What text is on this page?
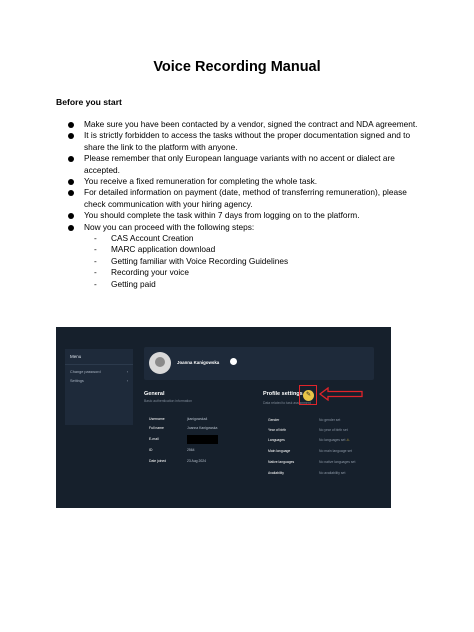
Voice Recording Manual
Before you start
Make sure you have been contacted by a vendor, signed the contract and NDA agreement.
It is strictly forbidden to access the tasks without the proper documentation signed and to share the link to the platform with anyone.
Please remember that only European language variants with no accent or dialect are accepted.
You receive a fixed remuneration for completing the whole task.
For detailed information on payment (date, method of transferring remuneration), please check communication with your hiring agency.
You should complete the task within 7 days from logging on to the platform.
Now you can proceed with the following steps:
- CAS Account Creation
- MARC application download
- Getting familiar with Voice Recording Guidelines
- Recording your voice
- Getting paid
Menu
Change password	›
Settings	›
Joanna Kanigowska
General
Basic authentication information
Username	jkanigowska4
Full name	Joanna Kanigowska
E-mail
ID	2564
Date joined	23 Aug 2024
Profile settings
Data related to task assignment
✎
Gender	No gender set
Year of birth	No year of birth set
Languages	No languages set ⚠
Main language	No main language set
Native languages	No native languages set
Availability	No availability set
